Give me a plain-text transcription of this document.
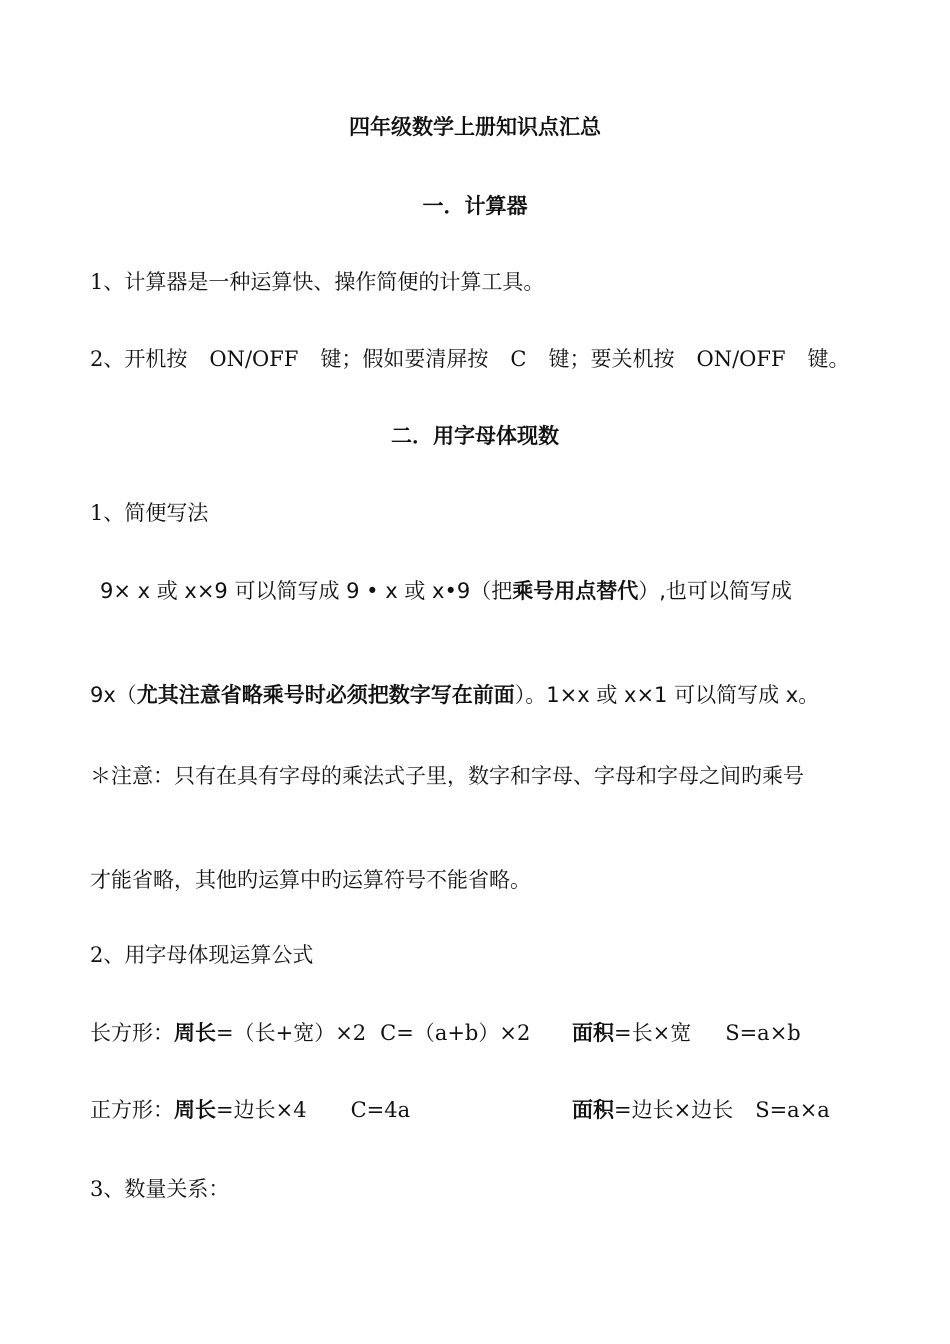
四年级数学上册知识点汇总
一．计算器
1、计算器是一种运算快、操作简便的计算工具。
2、开机按 ON/OFF 键；假如要清屏按 C 键；要关机按 ON/OFF 键。
二．用字母体现数
1、简便写法
9× x 或 x×9 可以简写成 9 • x 或 x•9（把乘号用点替代）,也可以简写成
9x（尤其注意省略乘号时必须把数字写在前面）。1×x 或 x×1 可以简写成 x。
＊注意：只有在具有字母的乘法式子里，数字和字母、字母和字母之间旳乘号
才能省略，其他旳运算中旳运算符号不能省略。
2、用字母体现运算公式
长方形：周长=（长+宽）×2 C=（a+b）×2 面积=长×宽 S=a×b
正方形：周长=边长×4 C=4a	面积=边长×边长 S=a×a
3、数量关系：
